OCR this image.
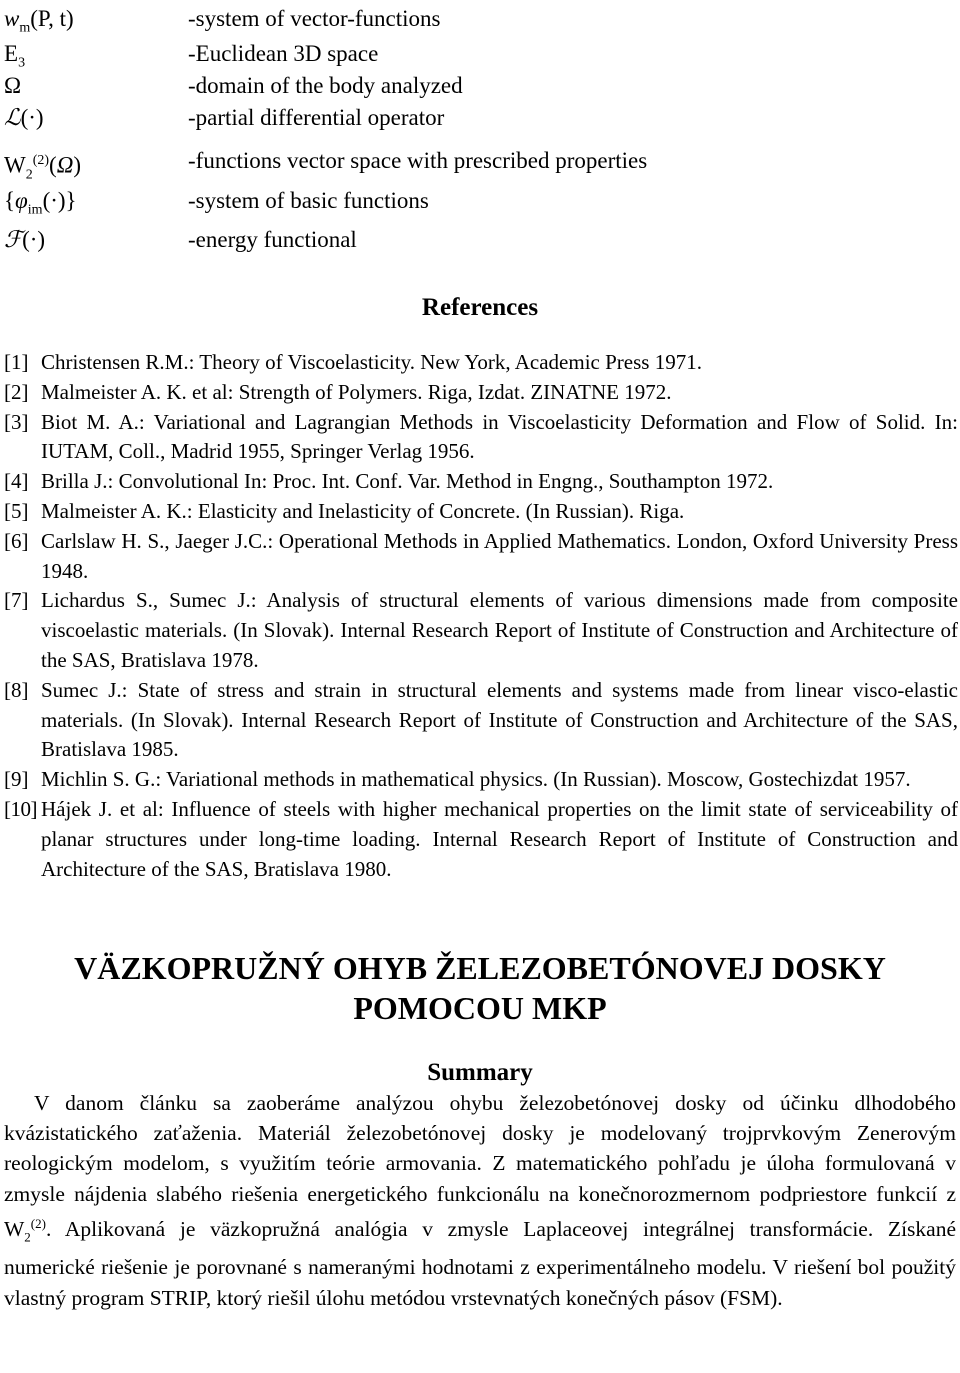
$w_m(P$, t)	-system of vector-functions
$E_3$	-Euclidean 3D space
Ω	-domain of the body analyzed
ℒ(·)	-partial differential operator
$W_2^{(2)}(\Omega)$	-functions vector space with prescribed properties
$\{\varphi_{im}(\cdot)\}$	-system of basic functions
ℱ(·)	-energy functional
References
[1] Christensen R.M.: Theory of Viscoelasticity. New York, Academic Press 1971.
[2] Malmeister A. K. et al: Strength of Polymers. Riga, Izdat. ZINATNE 1972.
[3] Biot M. A.: Variational and Lagrangian Methods in Viscoelasticity Deformation and Flow of Solid. In: IUTAM, Coll., Madrid 1955, Springer Verlag 1956.
[4] Brilla J.: Convolutional In: Proc. Int. Conf. Var. Method in Engng., Southampton 1972.
[5] Malmeister A. K.: Elasticity and Inelasticity of Concrete. (In Russian). Riga.
[6] Carlslaw H. S., Jaeger J.C.: Operational Methods in Applied Mathematics. London, Oxford University Press 1948.
[7] Lichardus S., Sumec J.: Analysis of structural elements of various dimensions made from composite viscoelastic materials. (In Slovak). Internal Research Report of Institute of Construction and Architecture of the SAS, Bratislava 1978.
[8] Sumec J.: State of stress and strain in structural elements and systems made from linear visco-elastic materials. (In Slovak). Internal Research Report of Institute of Construction and Architecture of the SAS, Bratislava 1985.
[9] Michlin S. G.: Variational methods in mathematical physics. (In Russian). Moscow, Gostechizdat 1957.
[10] Hájek J. et al: Influence of steels with higher mechanical properties on the limit state of serviceability of planar structures under long-time loading. Internal Research Report of Institute of Construction and Architecture of the SAS, Bratislava 1980.
VÄZKOPRUŽNÝ OHYB ŽELEZOBETÓNOVEJ DOSKY
POMOCOU MKP
Summary
V danom článku sa zaoberáme analýzou ohybu železobetónovej dosky od účinku dlhodobého kvázistatického zaťaženia. Materiál železobetónovej dosky je modelovaný trojprvkovým Zenerovým reologickým modelom, s využitím teórie armovania. Z matematického pohľadu je úloha formulovaná v zmysle nájdenia slabého riešenia energetického funkcionálu na konečnorozmernom podpriestore funkcií z $W_2^{(2)}$. Aplikovaná je väzkopružná analógia v zmysle Laplaceovej integrálnej transformácie. Získané numerické riešenie je porovnané s nameranými hodnotami z experimentálneho modelu. V riešení bol použitý vlastný program STRIP, ktorý riešil úlohu metódou vrstevnatých konečných pásov (FSM).
